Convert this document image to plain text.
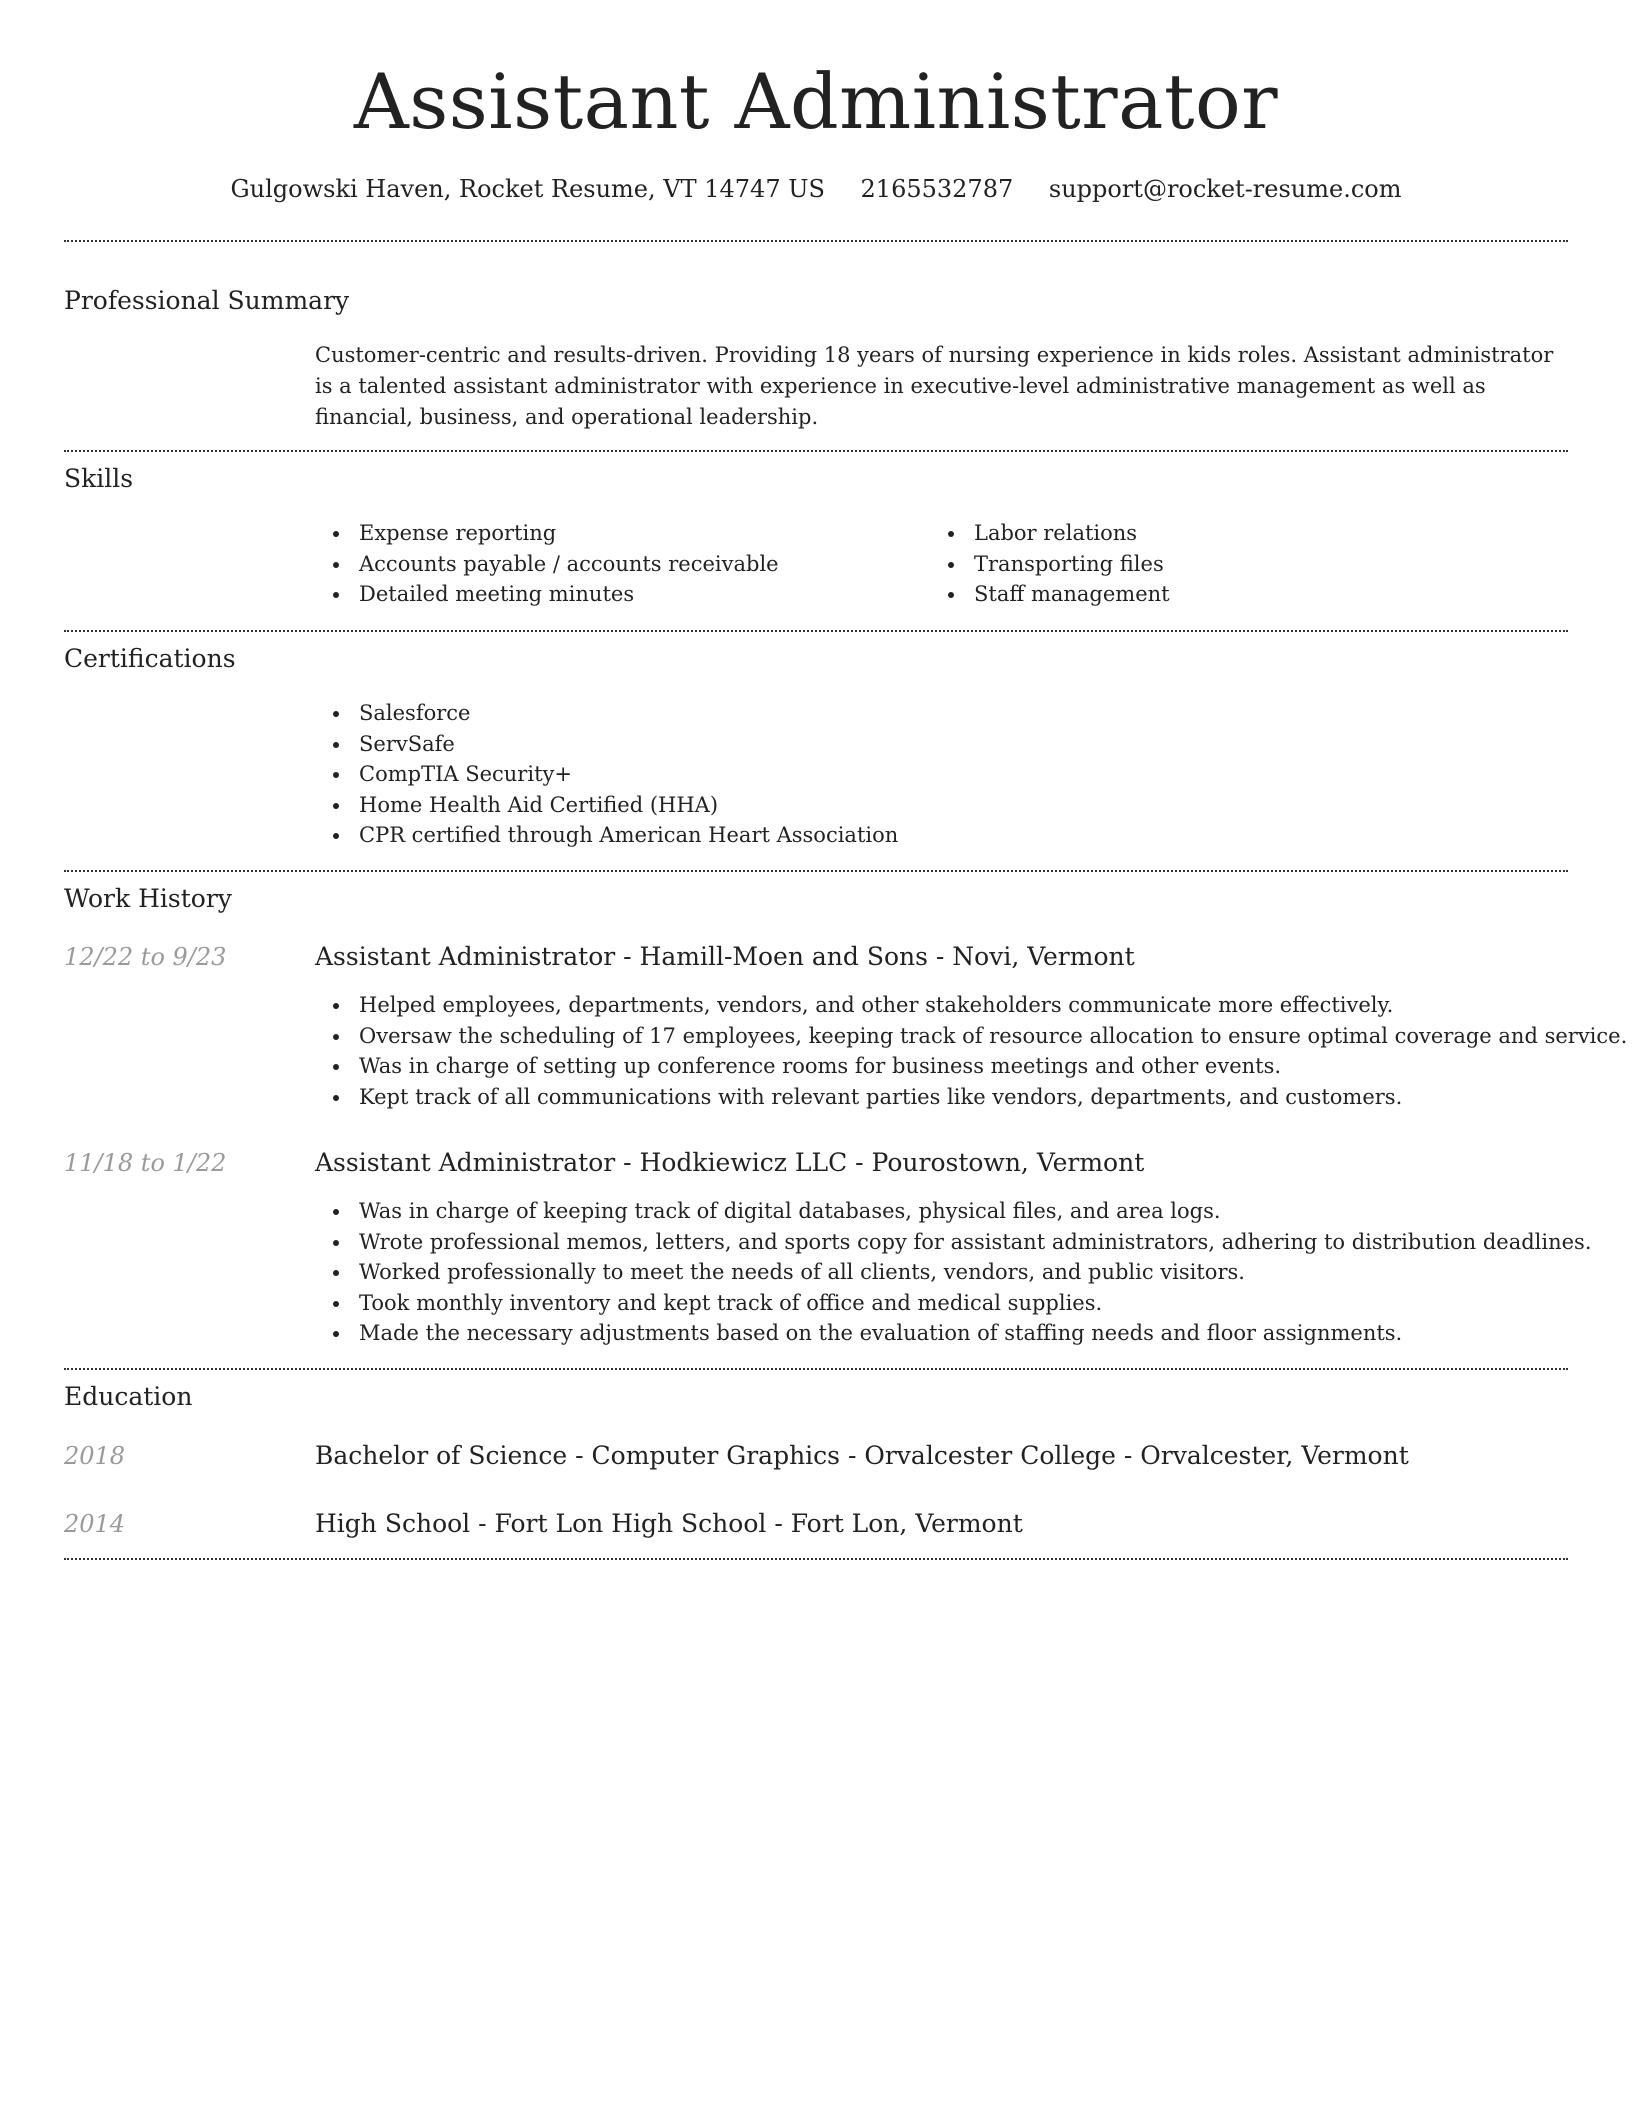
Assistant Administrator
Gulgowski Haven, Rocket Resume, VT 14747 US 2165532787 support@rocket-resume.com
Professional Summary
Customer-centric and results-driven. Providing 18 years of nursing experience in kids roles. Assistant administrator is a talented assistant administrator with experience in executive-level administrative management as well as financial, business, and operational leadership.
Skills
Expense reporting
Accounts payable / accounts receivable
Detailed meeting minutes
Labor relations
Transporting files
Staff management
Certifications
Salesforce
ServSafe
CompTIA Security+
Home Health Aid Certified (HHA)
CPR certified through American Heart Association
Work History
12/22 to 9/23	Assistant Administrator - Hamill-Moen and Sons - Novi, Vermont
Helped employees, departments, vendors, and other stakeholders communicate more effectively.
Oversaw the scheduling of 17 employees, keeping track of resource allocation to ensure optimal coverage and service.
Was in charge of setting up conference rooms for business meetings and other events.
Kept track of all communications with relevant parties like vendors, departments, and customers.
11/18 to 1/22	Assistant Administrator - Hodkiewicz LLC - Pourostown, Vermont
Was in charge of keeping track of digital databases, physical files, and area logs.
Wrote professional memos, letters, and sports copy for assistant administrators, adhering to distribution deadlines.
Worked professionally to meet the needs of all clients, vendors, and public visitors.
Took monthly inventory and kept track of office and medical supplies.
Made the necessary adjustments based on the evaluation of staffing needs and floor assignments.
Education
2018	Bachelor of Science - Computer Graphics - Orvalcester College - Orvalcester, Vermont
2014	High School - Fort Lon High School - Fort Lon, Vermont
